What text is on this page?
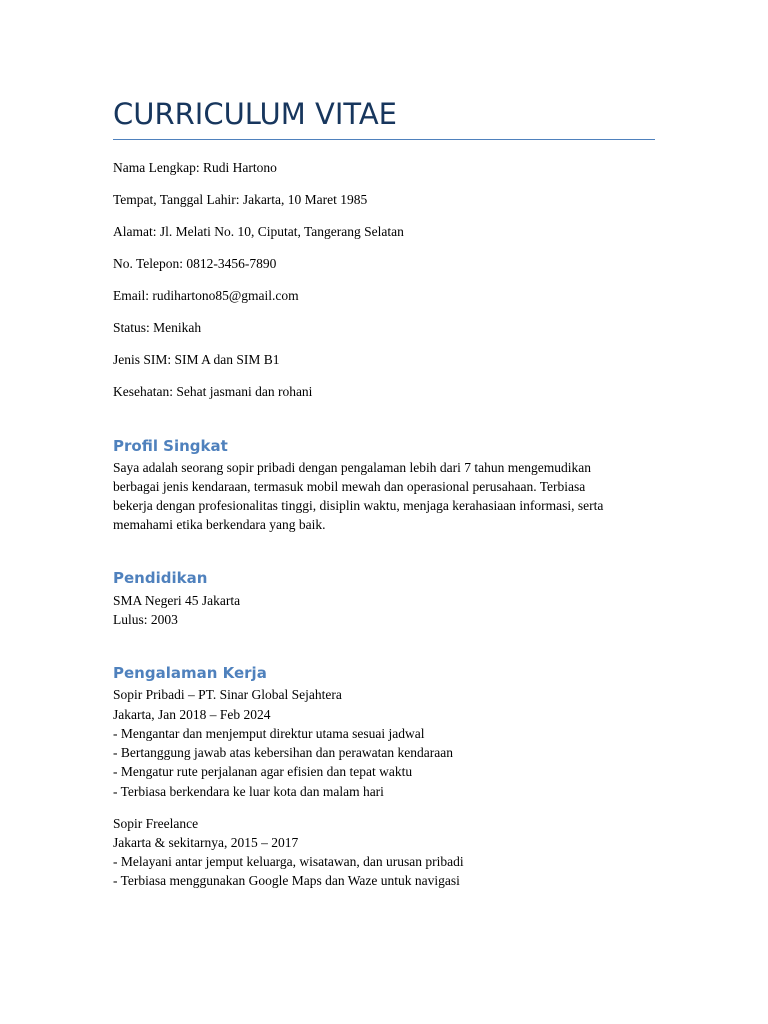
CURRICULUM VITAE
Nama Lengkap: Rudi Hartono
Tempat, Tanggal Lahir: Jakarta, 10 Maret 1985
Alamat: Jl. Melati No. 10, Ciputat, Tangerang Selatan
No. Telepon: 0812-3456-7890
Email: rudihartono85@gmail.com
Status: Menikah
Jenis SIM: SIM A dan SIM B1
Kesehatan: Sehat jasmani dan rohani
Profil Singkat
Saya adalah seorang sopir pribadi dengan pengalaman lebih dari 7 tahun mengemudikan
berbagai jenis kendaraan, termasuk mobil mewah dan operasional perusahaan. Terbiasa
bekerja dengan profesionalitas tinggi, disiplin waktu, menjaga kerahasiaan informasi, serta
memahami etika berkendara yang baik.
Pendidikan
SMA Negeri 45 Jakarta
Lulus: 2003
Pengalaman Kerja
Sopir Pribadi – PT. Sinar Global Sejahtera
Jakarta, Jan 2018 – Feb 2024
- Mengantar dan menjemput direktur utama sesuai jadwal
- Bertanggung jawab atas kebersihan dan perawatan kendaraan
- Mengatur rute perjalanan agar efisien dan tepat waktu
- Terbiasa berkendara ke luar kota dan malam hari
Sopir Freelance
Jakarta & sekitarnya, 2015 – 2017
- Melayani antar jemput keluarga, wisatawan, dan urusan pribadi
- Terbiasa menggunakan Google Maps dan Waze untuk navigasi
